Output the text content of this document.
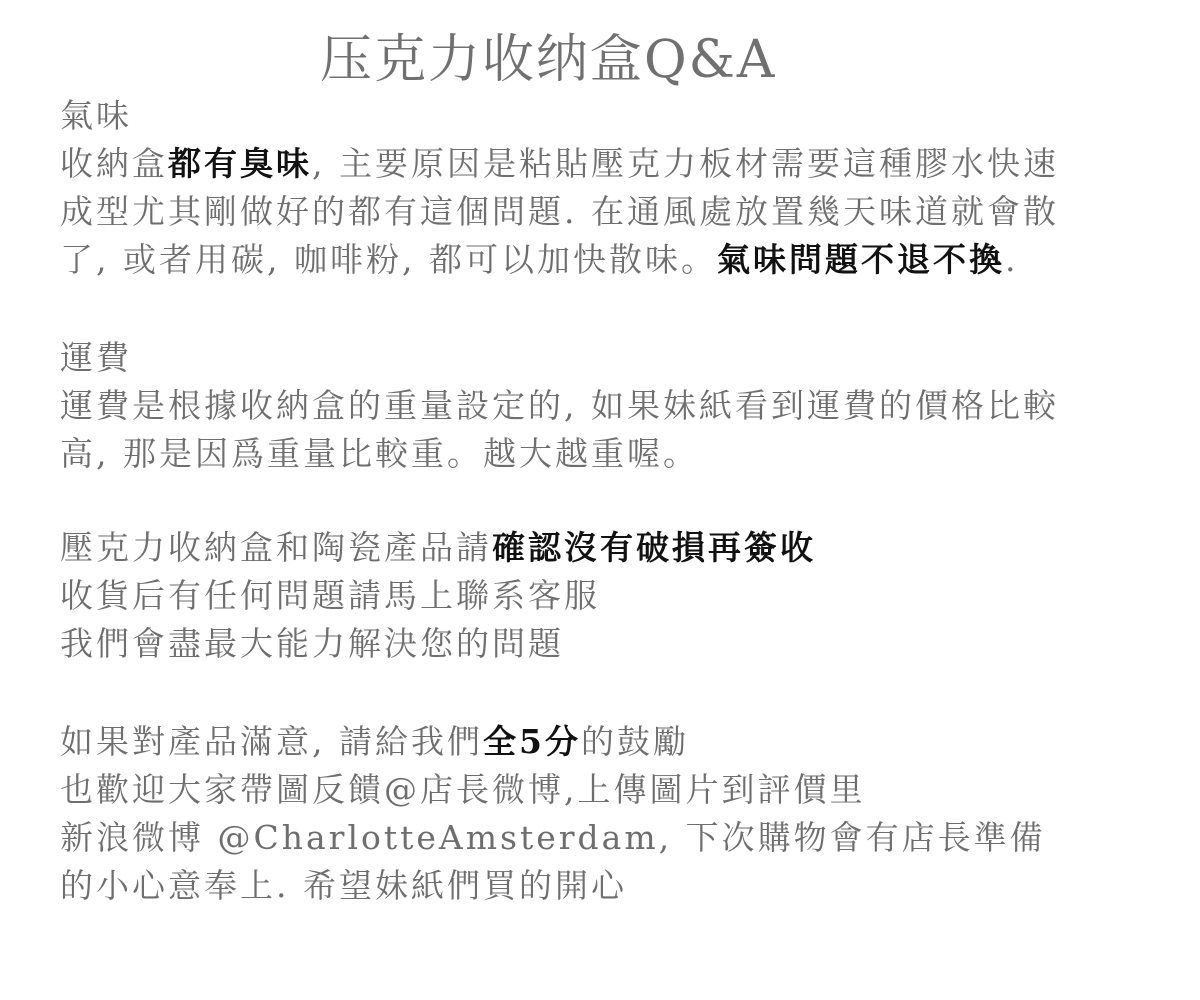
压克力收纳盒Q&A
氣味
收納盒都有臭味, 主要原因是粘貼壓克力板材需要這種膠水快速
成型尤其剛做好的都有這個問題. 在通風處放置幾天味道就會散
了, 或者用碳, 咖啡粉, 都可以加快散味。氣味問題不退不換.
運費
運費是根據收納盒的重量設定的, 如果妹紙看到運費的價格比較
高, 那是因爲重量比較重。越大越重喔。
壓克力收納盒和陶瓷產品請確認沒有破損再簽收
收貨后有任何問題請馬上聯系客服
我們會盡最大能力解決您的問題
如果對產品滿意, 請給我們全5分的鼓勵
也歡迎大家帶圖反饋@店長微博,上傳圖片到評價里
新浪微博 @CharlotteAmsterdam, 下次購物會有店長準備
的小心意奉上. 希望妹紙們買的開心
